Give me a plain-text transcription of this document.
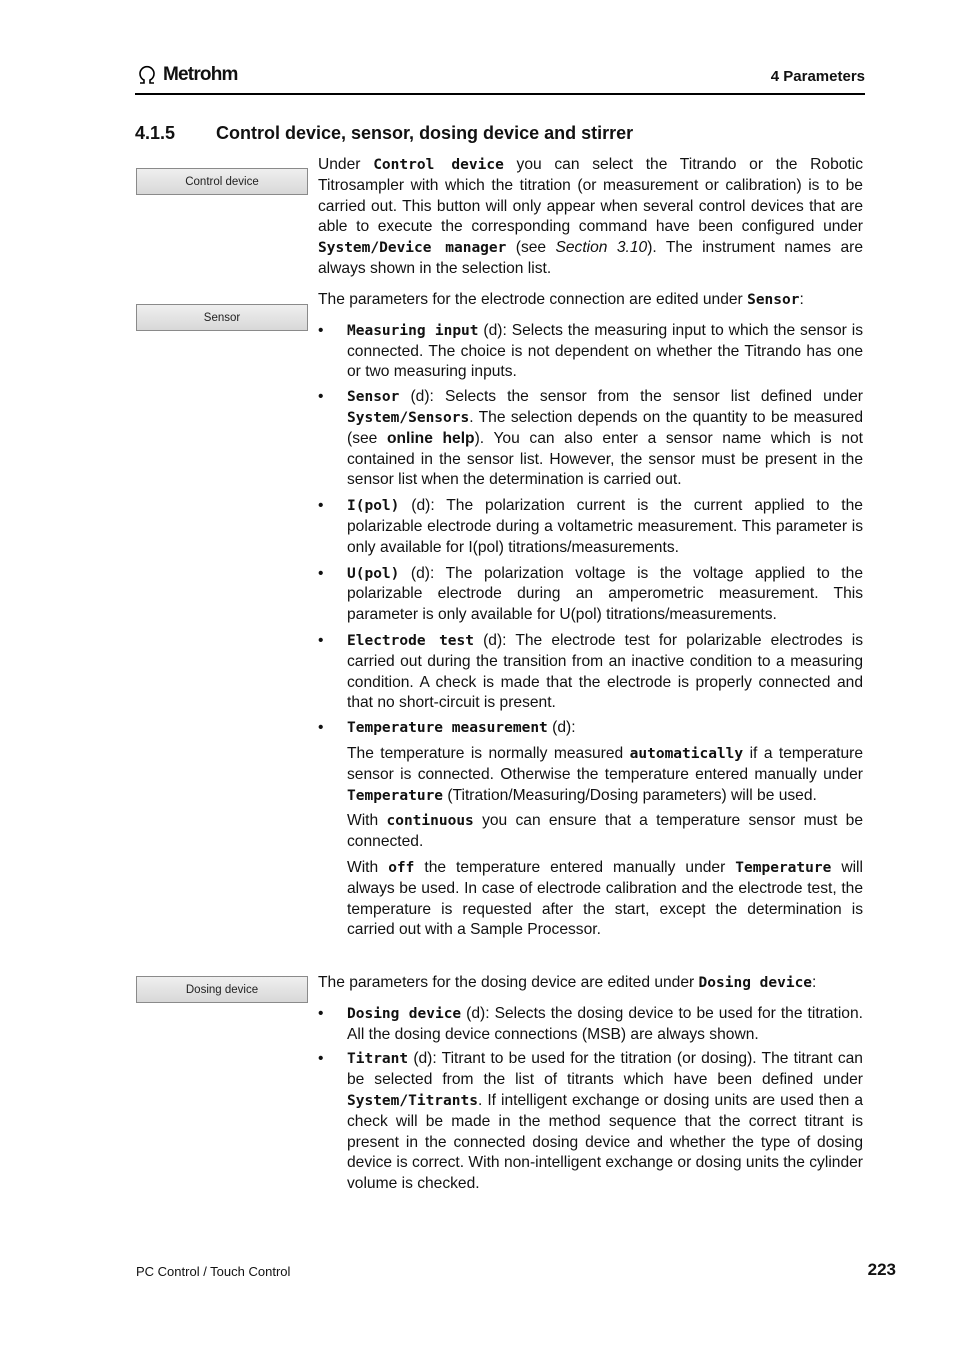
Metrohm	4 Parameters
4.1.5 Control device, sensor, dosing device and stirrer
Control device
Sensor
Dosing device

Under Control device you can select the Titrando or the Robotic Titrosampler with which the titration (or measurement or calibration) is to be carried out. This button will only appear when several control devices that are able to execute the corresponding command have been configured under System/Device manager (see Section 3.10). The instrument names are always shown in the selection list.

The parameters for the electrode connection are edited under Sensor:

• Measuring input (d): Selects the measuring input to which the sensor is connected. The choice is not dependent on whether the Titrando has one or two measuring inputs.
• Sensor (d): Selects the sensor from the sensor list defined under System/Sensors. The selection depends on the quantity to be measured (see online help). You can also enter a sensor name which is not contained in the sensor list. However, the sensor must be present in the sensor list when the determination is carried out.
• I(pol) (d): The polarization current is the current applied to the polarizable electrode during a voltametric measurement. This parameter is only available for I(pol) titrations/measurements.
• U(pol) (d): The polarization voltage is the voltage applied to the polarizable electrode during an amperometric measurement. This parameter is only available for U(pol) titrations/measurements.
• Electrode test (d): The electrode test for polarizable electrodes is carried out during the transition from an inactive condition to a measuring condition. A check is made that the electrode is properly connected and that no short-circuit is present.
• Temperature measurement (d):

The temperature is normally measured automatically if a temperature sensor is connected. Otherwise the temperature entered manually under Temperature (Titration/Measuring/Dosing parameters) will be used.

With continuous you can ensure that a temperature sensor must be connected.

With off the temperature entered manually under Temperature will always be used. In case of electrode calibration and the electrode test, the temperature is requested after the start, except the determination is carried out with a Sample Processor.

The parameters for the dosing device are edited under Dosing device:

• Dosing device (d): Selects the dosing device to be used for the titration. All the dosing device connections (MSB) are always shown.
• Titrant (d): Titrant to be used for the titration (or dosing). The titrant can be selected from the list of titrants which have been defined under System/Titrants. If intelligent exchange or dosing units are used then a check will be made in the method sequence that the correct titrant is present in the connected dosing device and whether the type of dosing device is correct. With non-intelligent exchange or dosing units the cylinder volume is checked.
PC Control / Touch Control	223
